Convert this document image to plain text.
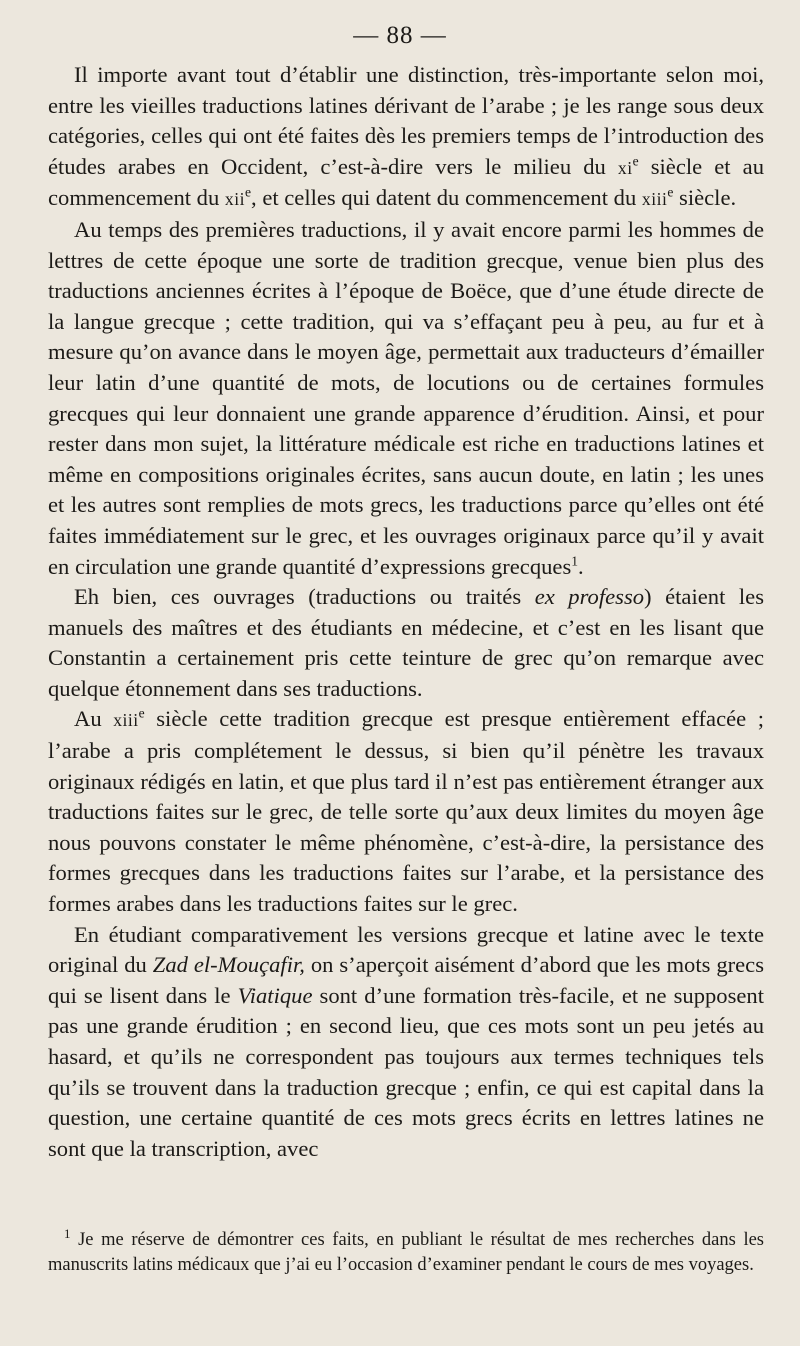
— 88 —

Il importe avant tout d’établir une distinction, très-importante selon moi, entre les vieilles traductions latines dérivant de l’arabe ; je les range sous deux catégories, celles qui ont été faites dès les premiers temps de l’introduction des études arabes en Occident, c’est-à-dire vers le milieu du $xi^e$ siècle et au commencement du xii$^e$, et celles qui datent du commencement du xiii$^e$ siècle.

Au temps des premières traductions, il y avait encore parmi les hommes de lettres de cette époque une sorte de tradition grecque, venue bien plus des traductions anciennes écrites à l’époque de Boëce, que d’une étude directe de la langue grecque ; cette tradition, qui va s’effaçant peu à peu, au fur et à mesure qu’on avance dans le moyen âge, permettait aux traducteurs d’émailler leur latin d’une quantité de mots, de locutions ou de certaines formules grecques qui leur donnaient une grande apparence d’érudition. Ainsi, et pour rester dans mon sujet, la littérature médicale est riche en traductions latines et même en compositions originales écrites, sans aucun doute, en latin ; les unes et les autres sont remplies de mots grecs, les traductions parce qu’elles ont été faites immédiatement sur le grec, et les ouvrages originaux parce qu’il y avait en circulation une grande quantité d’expressions grecques$^1$.

Eh bien, ces ouvrages (traductions ou traités ex professo) étaient les manuels des maîtres et des étudiants en médecine, et c’est en les lisant que Constantin a certainement pris cette teinture de grec qu’on remarque avec quelque étonnement dans ses traductions.

Au xiii$^e$ siècle cette tradition grecque est presque entièrement effacée ; l’arabe a pris complétement le dessus, si bien qu’il pénètre les travaux originaux rédigés en latin, et que plus tard il n’est pas entièrement étranger aux traductions faites sur le grec, de telle sorte qu’aux deux limites du moyen âge nous pouvons constater le même phénomène, c’est-à-dire, la persistance des formes grecques dans les traductions faites sur l’arabe, et la persistance des formes arabes dans les traductions faites sur le grec.

En étudiant comparativement les versions grecque et latine avec le texte original du Zad el-Mouçafir, on s’aperçoit aisément d’abord que les mots grecs qui se lisent dans le Viatique sont d’une formation très-facile, et ne supposent pas une grande érudition ; en second lieu, que ces mots sont un peu jetés au hasard, et qu’ils ne correspondent pas toujours aux termes techniques tels qu’ils se trouvent dans la traduction grecque ; enfin, ce qui est capital dans la question, une certaine quantité de ces mots grecs écrits en lettres latines ne sont que la transcription, avec

$^1$ Je me réserve de démontrer ces faits, en publiant le résultat de mes recherches dans les manuscrits latins médicaux que j’ai eu l’occasion d’examiner pendant le cours de mes voyages.
